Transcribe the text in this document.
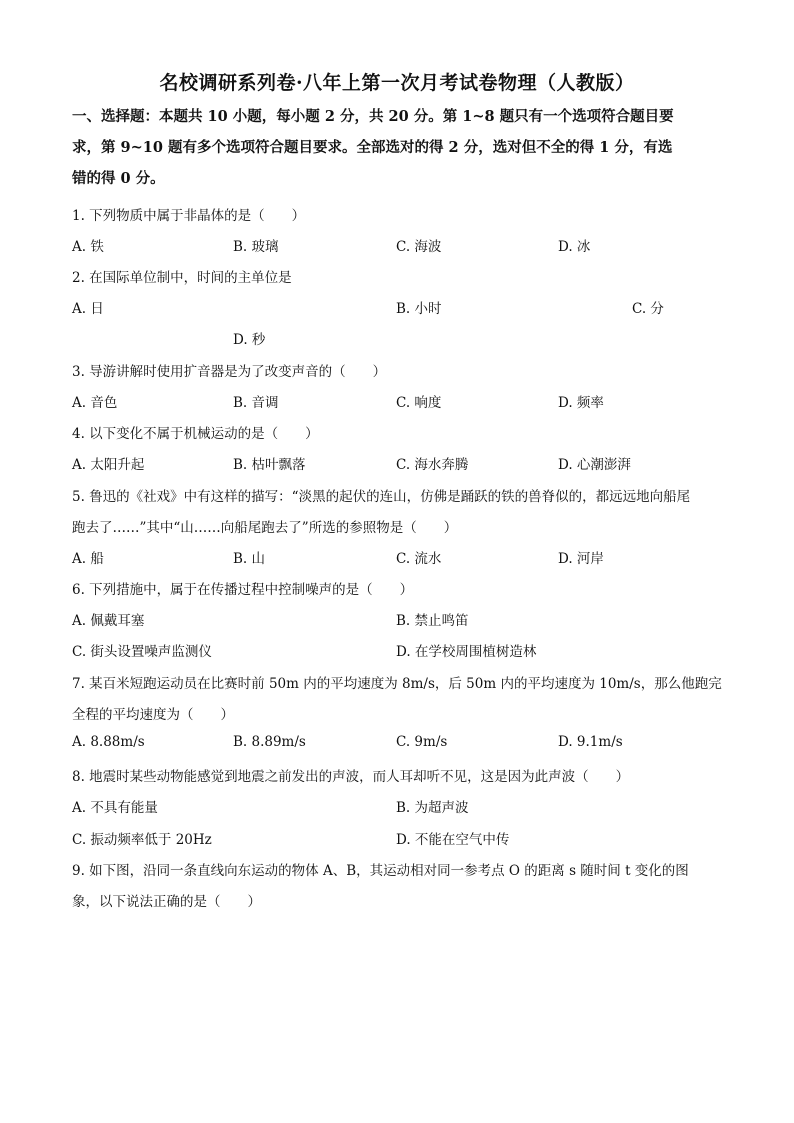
名校调研系列卷·八年上第一次月考试卷物理（人教版）
一、选择题：本题共 10 小题，每小题 2 分，共 20 分。第 1~8 题只有一个选项符合题目要
求，第 9~10 题有多个选项符合题目要求。全部选对的得 2 分，选对但不全的得 1 分，有选
错的得 0 分。
1. 下列物质中属于非晶体的是（　　）
A. 铁	B. 玻璃	C. 海波	D. 冰
2. 在国际单位制中，时间的主单位是
A. 日	B. 小时	C. 分
D. 秒
3. 导游讲解时使用扩音器是为了改变声音的（　　）
A. 音色	B. 音调	C. 响度	D. 频率
4. 以下变化不属于机械运动的是（　　）
A. 太阳升起	B. 枯叶飘落	C. 海水奔腾	D. 心潮澎湃
5. 鲁迅的《社戏》中有这样的描写：“淡黑的起伏的连山，仿佛是踊跃的铁的兽脊似的，都远远地向船尾
跑去了……”其中“山……向船尾跑去了”所选的参照物是（　　）
A. 船	B. 山	C. 流水	D. 河岸
6. 下列措施中，属于在传播过程中控制噪声的是（　　）
A. 佩戴耳塞	B. 禁止鸣笛
C. 街头设置噪声监测仪	D. 在学校周围植树造林
7. 某百米短跑运动员在比赛时前 50m 内的平均速度为 8m/s，后 50m 内的平均速度为 10m/s，那么他跑完
全程的平均速度为（　　）
A. 8.88m/s	B. 8.89m/s	C. 9m/s	D. 9.1m/s
8. 地震时某些动物能感觉到地震之前发出的声波，而人耳却听不见，这是因为此声波（　　）
A. 不具有能量	B. 为超声波
C. 振动频率低于 20Hz	D. 不能在空气中传
9. 如下图，沿同一条直线向东运动的物体 A、B，其运动相对同一参考点 O 的距离 s 随时间 t 变化的图
象，以下说法正确的是（　　）
